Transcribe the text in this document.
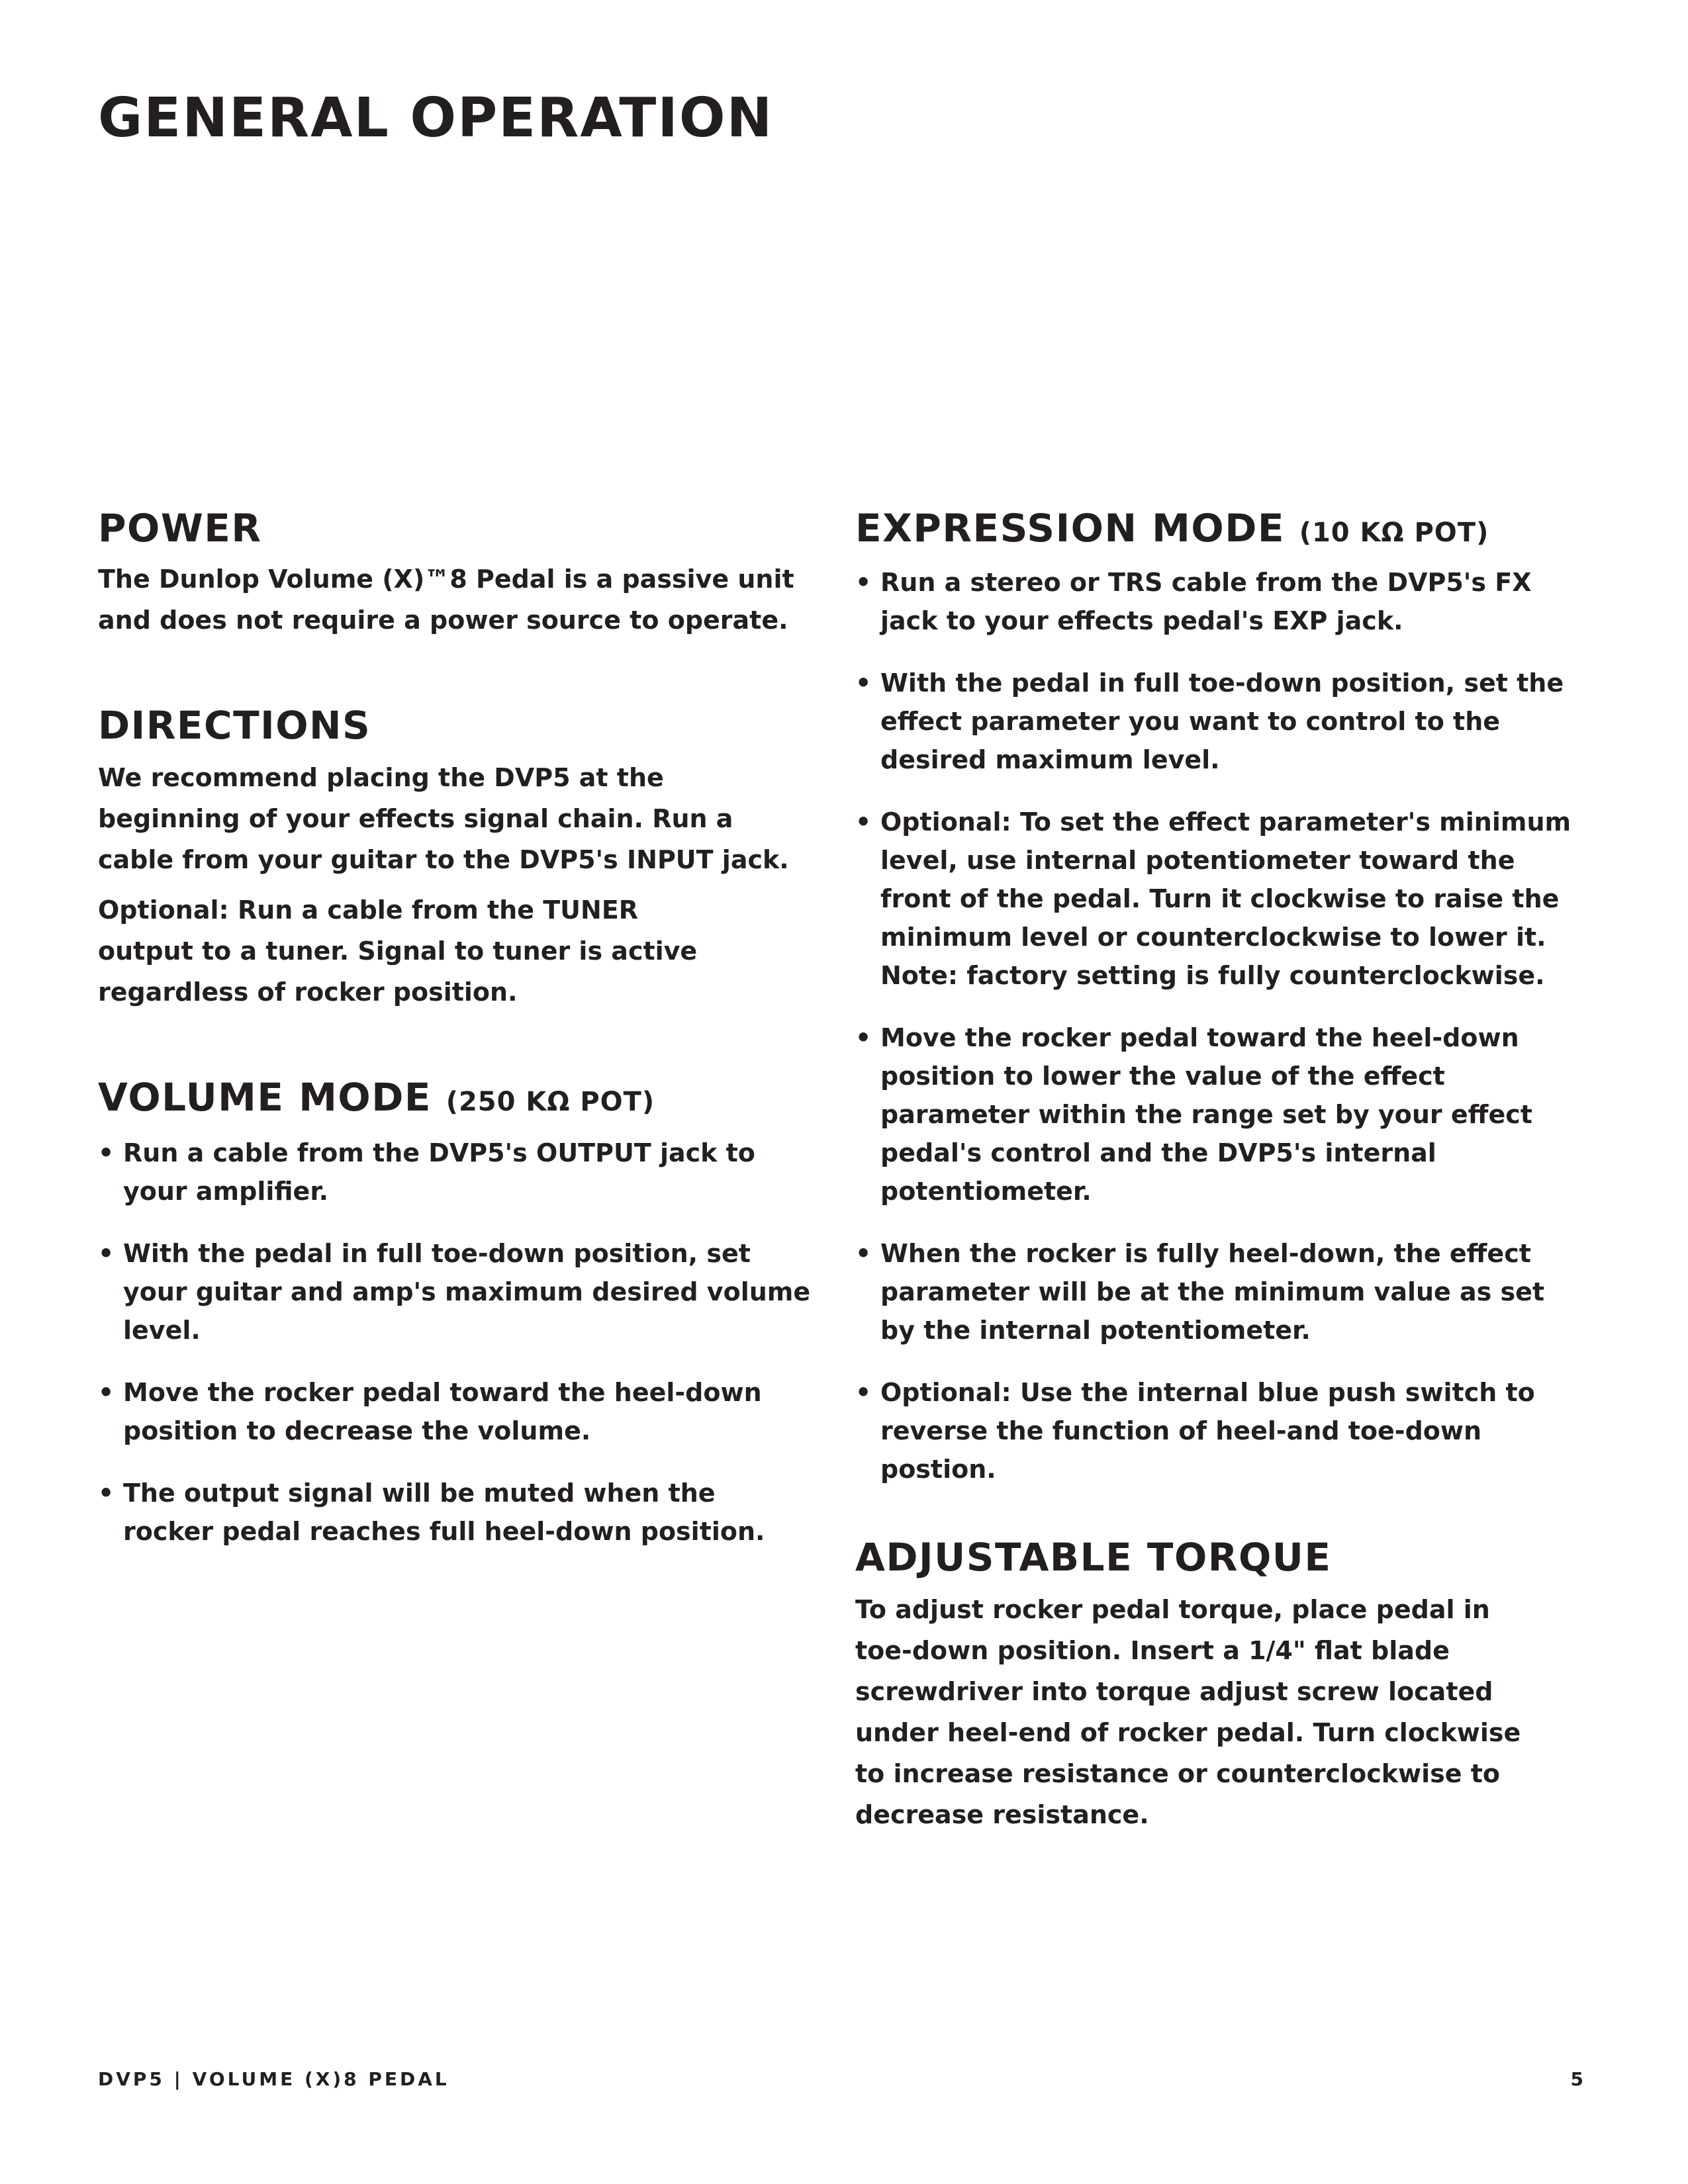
GENERAL OPERATION
POWER

The Dunlop Volume (X)™8 Pedal is a passive unit and does not require a power source to operate.

DIRECTIONS

We recommend placing the DVP5 at the beginning of your effects signal chain. Run a cable from your guitar to the DVP5's INPUT jack.

Optional: Run a cable from the TUNER output to a tuner. Signal to tuner is active regardless of rocker position.

VOLUME MODE (250 KΩ POT)
• Run a cable from the DVP5's OUTPUT jack to your amplifier.
• With the pedal in full toe-down position, set your guitar and amp's maximum desired volume level.
• Move the rocker pedal toward the heel-down position to decrease the volume.
• The output signal will be muted when the rocker pedal reaches full heel-down position.
EXPRESSION MODE (10 KΩ POT)
• Run a stereo or TRS cable from the DVP5's FX jack to your effects pedal's EXP jack.
• With the pedal in full toe-down position, set the effect parameter you want to control to the desired maximum level.
• Optional: To set the effect parameter's minimum level, use internal potentiometer toward the front of the pedal. Turn it clockwise to raise the minimum level or counterclockwise to lower it. Note: factory setting is fully counterclockwise.
• Move the rocker pedal toward the heel-down position to lower the value of the effect parameter within the range set by your effect pedal's control and the DVP5's internal potentiometer.
• When the rocker is fully heel-down, the effect parameter will be at the minimum value as set by the internal potentiometer.
• Optional: Use the internal blue push switch to reverse the function of heel-and toe-down postion.
ADJUSTABLE TORQUE

To adjust rocker pedal torque, place pedal in toe-down position. Insert a 1/4" flat blade screwdriver into torque adjust screw located under heel-end of rocker pedal. Turn clockwise to increase resistance or counterclockwise to decrease resistance.

DVP5 | VOLUME (X)8 PEDAL	5
